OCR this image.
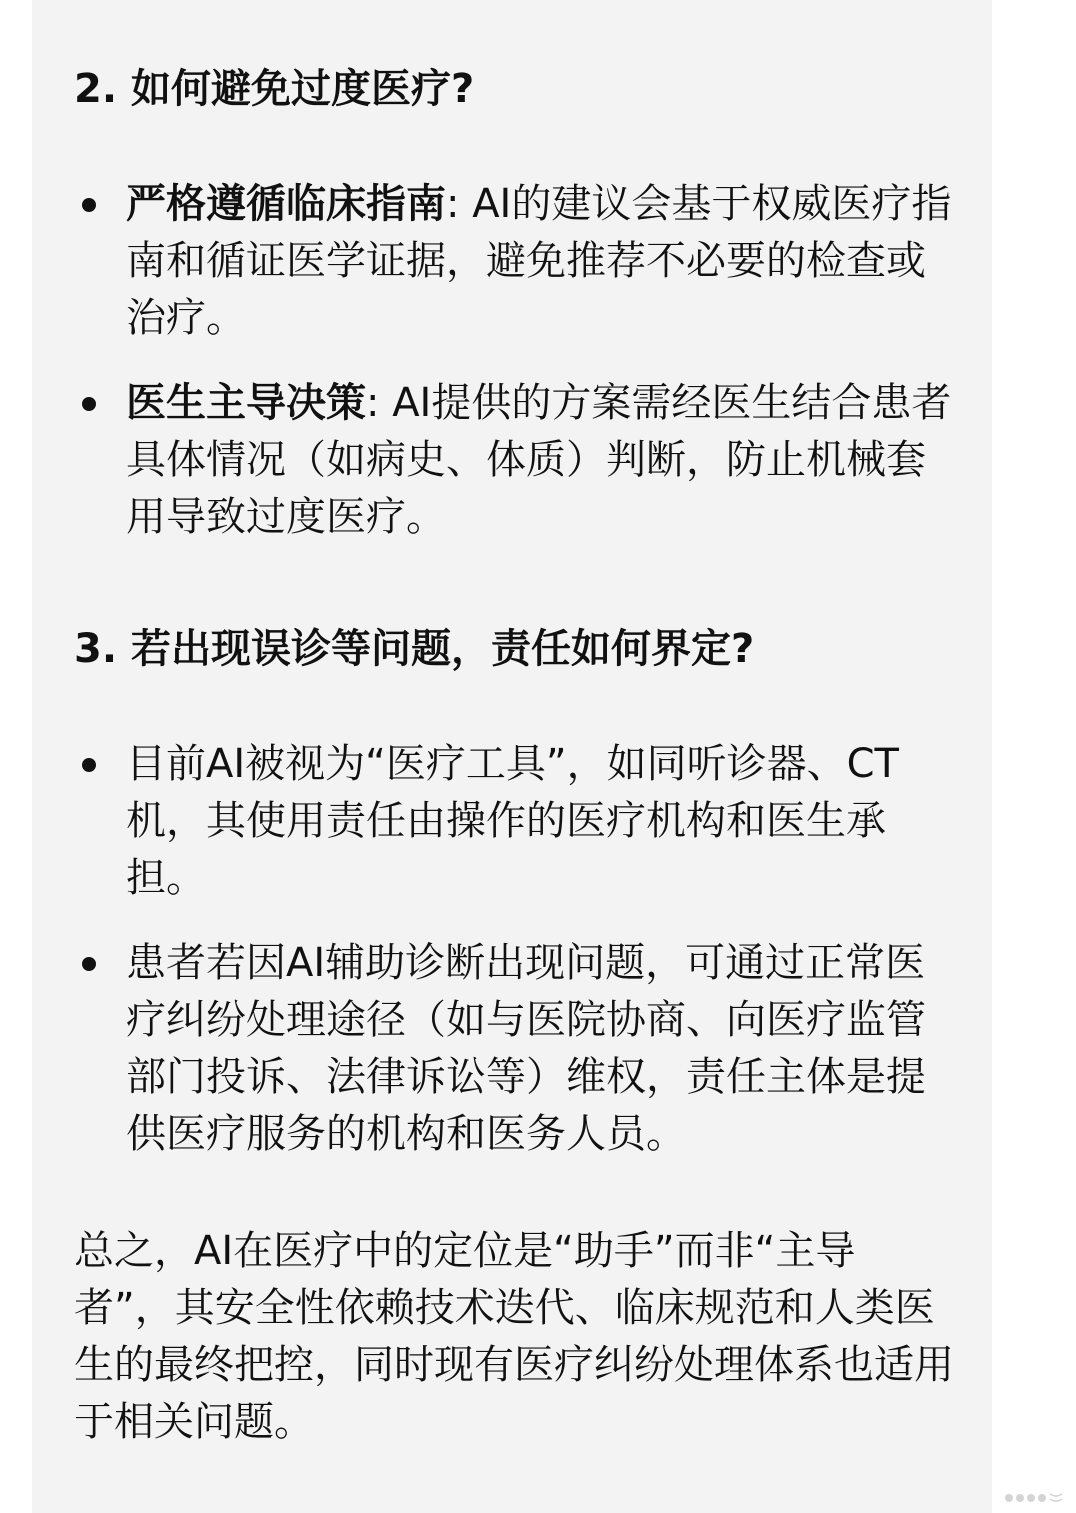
2. 如何避免过度医疗?
严格遵循临床指南: AI的建议会基于权威医疗指南和循证医学证据，避免推荐不必要的检查或治疗。
医生主导决策: AI提供的方案需经医生结合患者具体情况（如病史、体质）判断，防止机械套用导致过度医疗。
3. 若出现误诊等问题，责任如何界定?
目前AI被视为“医疗工具”，如同听诊器、CT机，其使用责任由操作的医疗机构和医生承担。
患者若因AI辅助诊断出现问题，可通过正常医疗纠纷处理途径（如与医院协商、向医疗监管部门投诉、法律诉讼等）维权，责任主体是提供医疗服务的机构和医务人员。

总之，AI在医疗中的定位是“助手”而非“主导者”，其安全性依赖技术迭代、临床规范和人类医生的最终把控，同时现有医疗纠纷处理体系也适用于相关问题。
